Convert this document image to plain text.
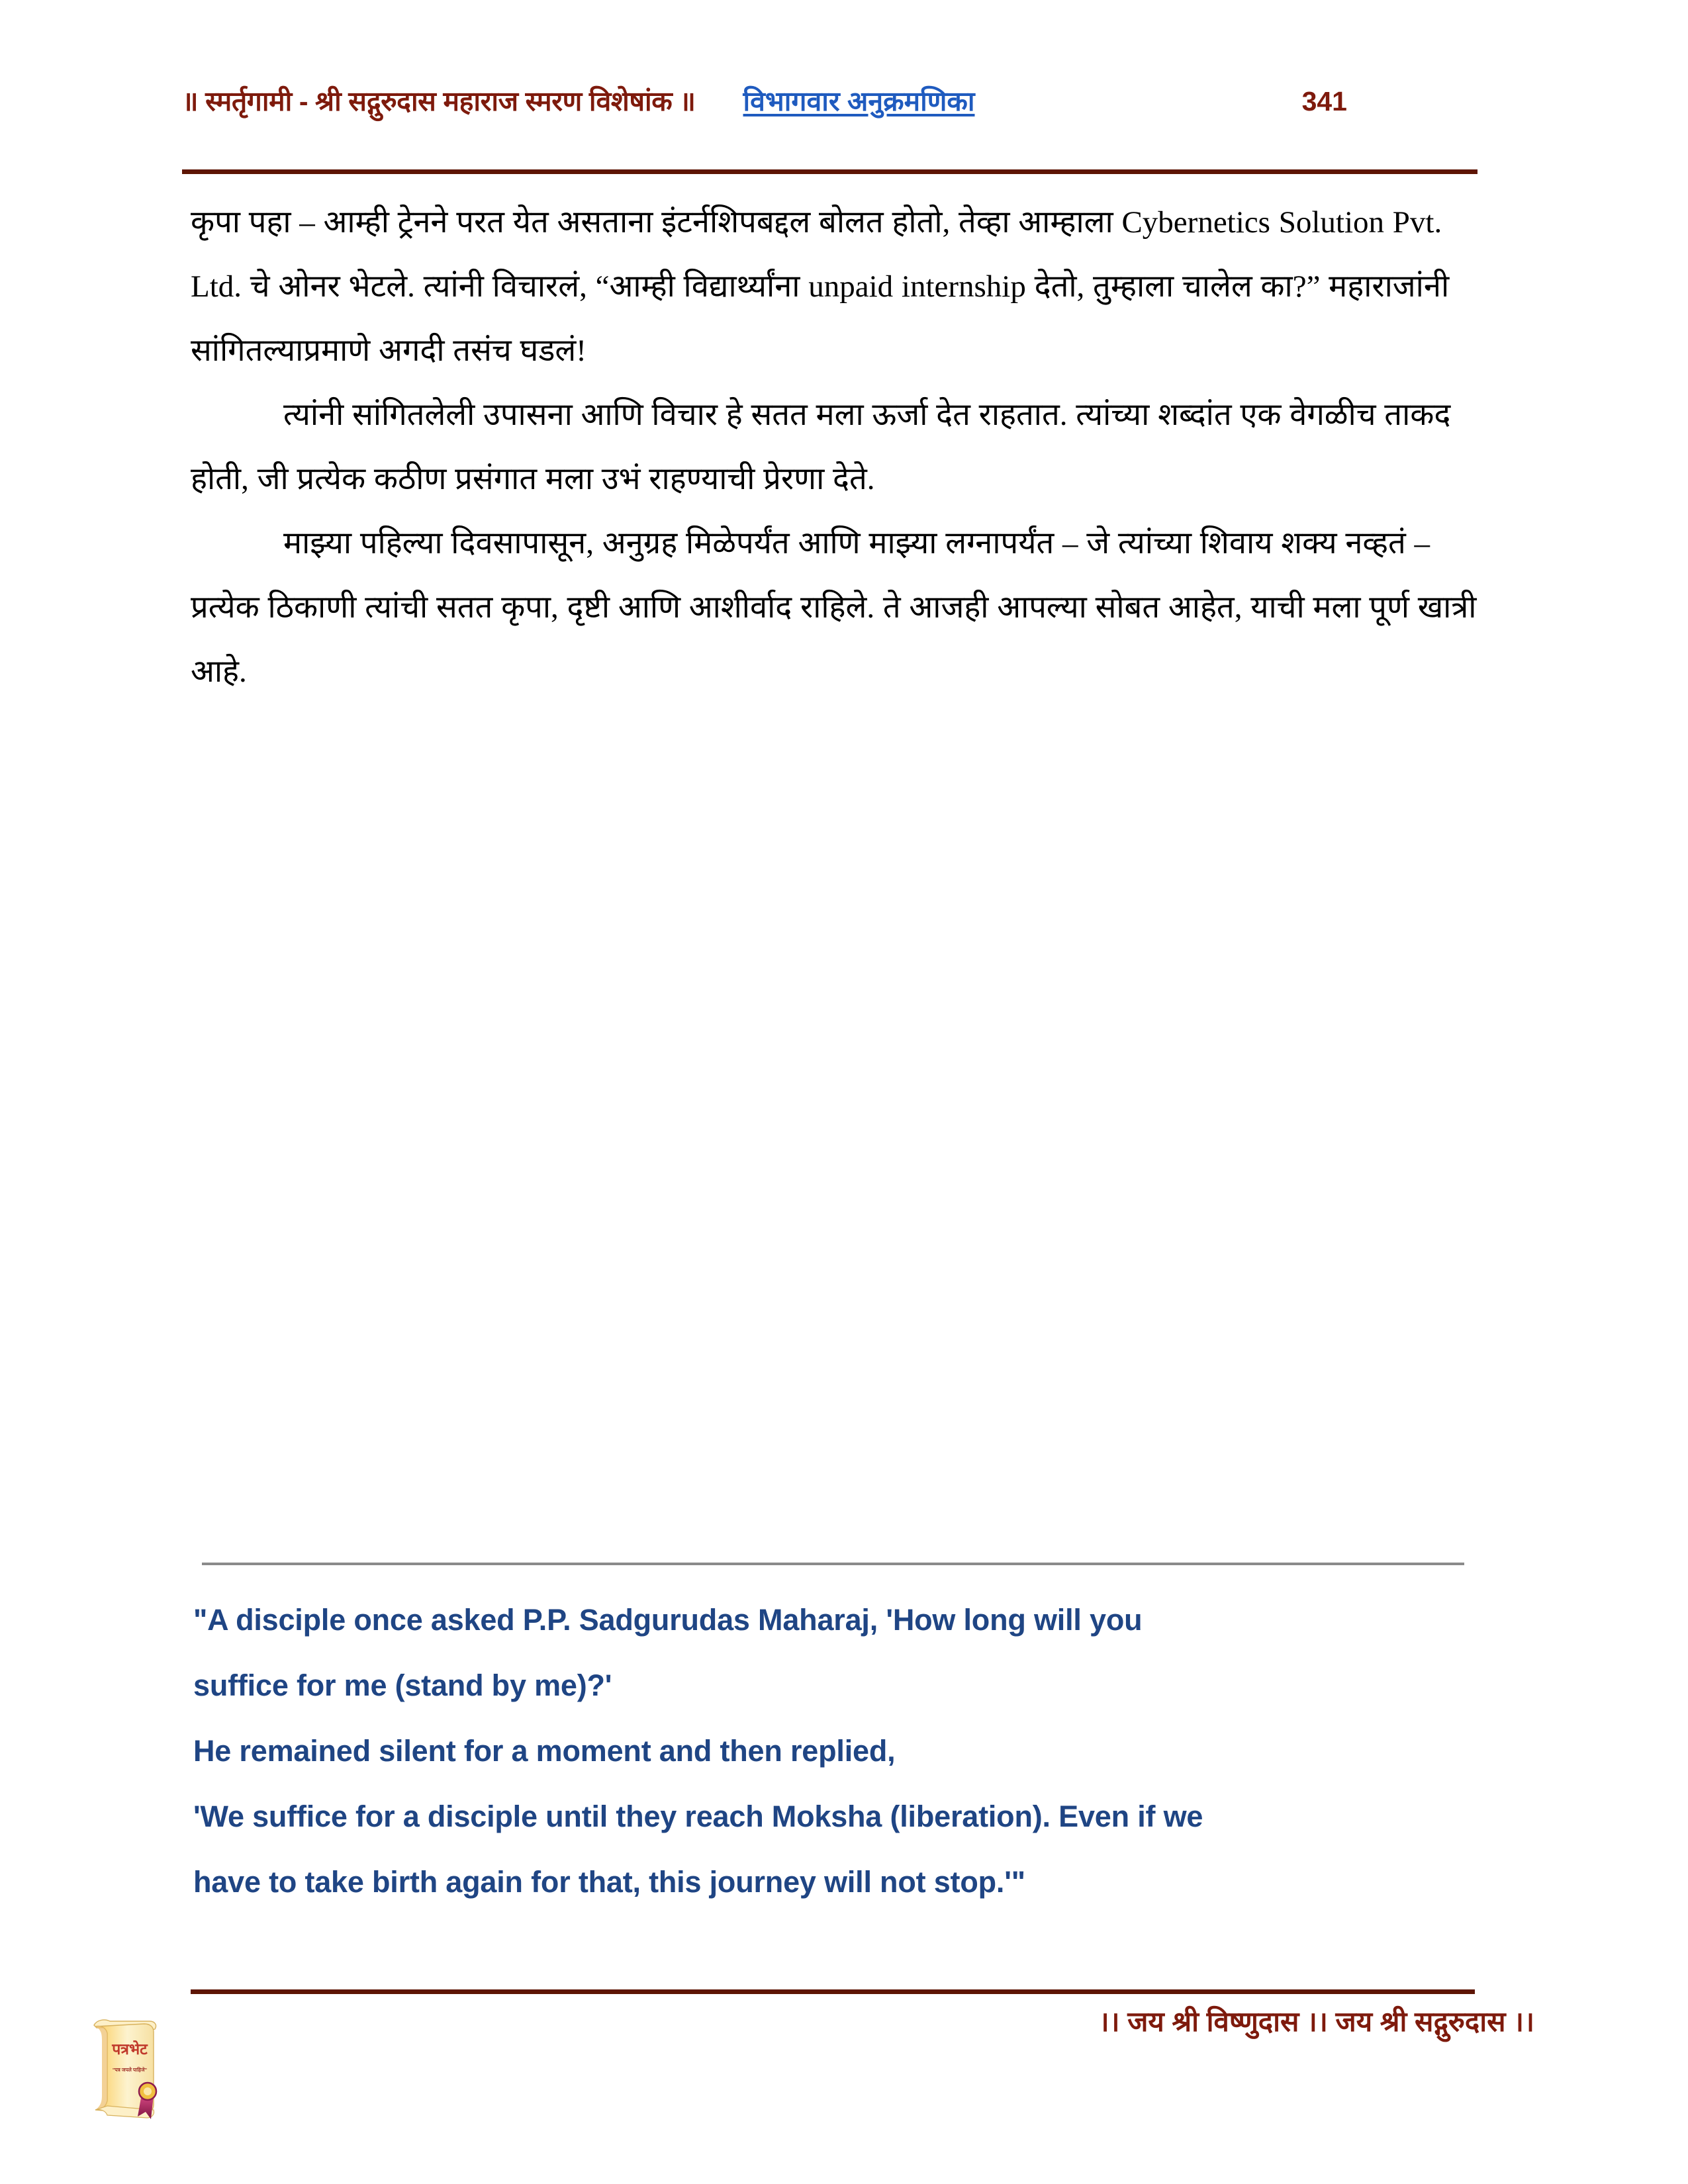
॥ स्मर्तृगामी - श्री सद्गुरुदास महाराज स्मरण विशेषांक ॥ विभागवार अनुक्रमणिका	341

कृपा पहा – आम्ही ट्रेनने परत येत असताना इंटर्नशिपबद्दल बोलत होतो, तेव्हा आम्हाला Cybernetics Solution Pvt. Ltd. चे ओनर भेटले. त्यांनी विचारलं, “आम्ही विद्यार्थ्यांना unpaid internship देतो, तुम्हाला चालेल का?” महाराजांनी सांगितल्याप्रमाणे अगदी तसंच घडलं!

त्यांनी सांगितलेली उपासना आणि विचार हे सतत मला ऊर्जा देत राहतात. त्यांच्या शब्दांत एक वेगळीच ताकद होती, जी प्रत्येक कठीण प्रसंगात मला उभं राहण्याची प्रेरणा देते.

माझ्या पहिल्या दिवसापासून, अनुग्रह मिळेपर्यंत आणि माझ्या लग्नापर्यंत – जे त्यांच्या शिवाय शक्य नव्हतं – प्रत्येक ठिकाणी त्यांची सतत कृपा, दृष्टी आणि आशीर्वाद राहिले. ते आजही आपल्या सोबत आहेत, याची मला पूर्ण खात्री आहे.

"A disciple once asked P.P. Sadgurudas Maharaj, 'How long will you
suffice for me (stand by me)?'
He remained silent for a moment and then replied,
'We suffice for a disciple until they reach Moksha (liberation). Even if we
have to take birth again for that, this journey will not stop.'"
।। जय श्री विष्णुदास ।। जय श्री सद्गुरुदास ।।
पत्रभेट
"पत्र जपले पाहिजे"
